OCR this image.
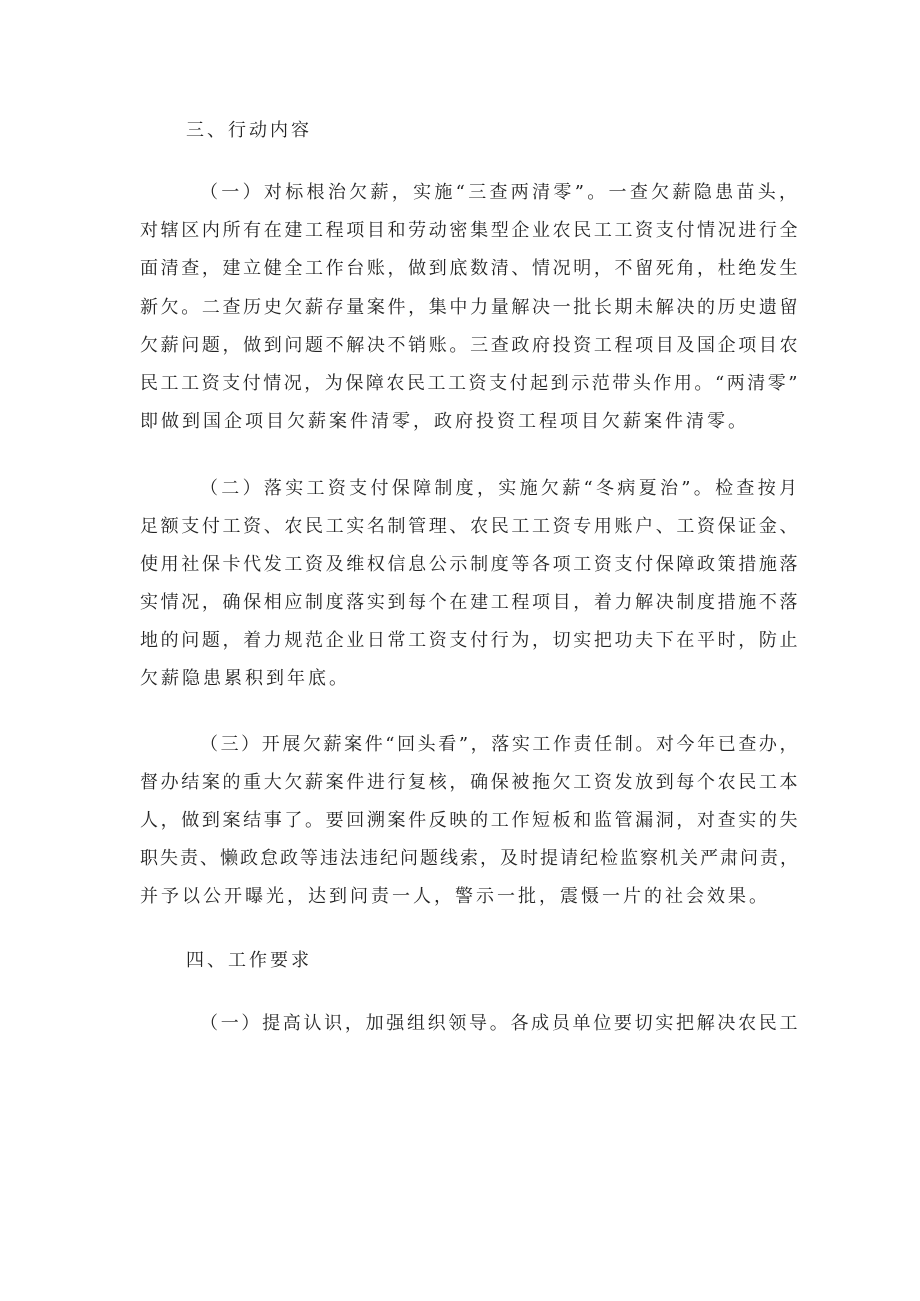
三、行动内容
（一）对标根治欠薪，实施“三查两清零”。一查欠薪隐患苗头，
对辖区内所有在建工程项目和劳动密集型企业农民工工资支付情况进行全
面清查，建立健全工作台账，做到底数清、情况明，不留死角，杜绝发生
新欠。二查历史欠薪存量案件，集中力量解决一批长期未解决的历史遗留
欠薪问题，做到问题不解决不销账。三查政府投资工程项目及国企项目农
民工工资支付情况，为保障农民工工资支付起到示范带头作用。“两清零”
即做到国企项目欠薪案件清零，政府投资工程项目欠薪案件清零。
（二）落实工资支付保障制度，实施欠薪“冬病夏治”。检查按月
足额支付工资、农民工实名制管理、农民工工资专用账户、工资保证金、
使用社保卡代发工资及维权信息公示制度等各项工资支付保障政策措施落
实情况，确保相应制度落实到每个在建工程项目，着力解决制度措施不落
地的问题，着力规范企业日常工资支付行为，切实把功夫下在平时，防止
欠薪隐患累积到年底。
（三）开展欠薪案件“回头看”，落实工作责任制。对今年已查办，
督办结案的重大欠薪案件进行复核，确保被拖欠工资发放到每个农民工本
人，做到案结事了。要回溯案件反映的工作短板和监管漏洞，对查实的失
职失责、懒政怠政等违法违纪问题线索，及时提请纪检监察机关严肃问责，
并予以公开曝光，达到问责一人，警示一批，震慑一片的社会效果。
四、工作要求
（一）提高认识，加强组织领导。各成员单位要切实把解决农民工
